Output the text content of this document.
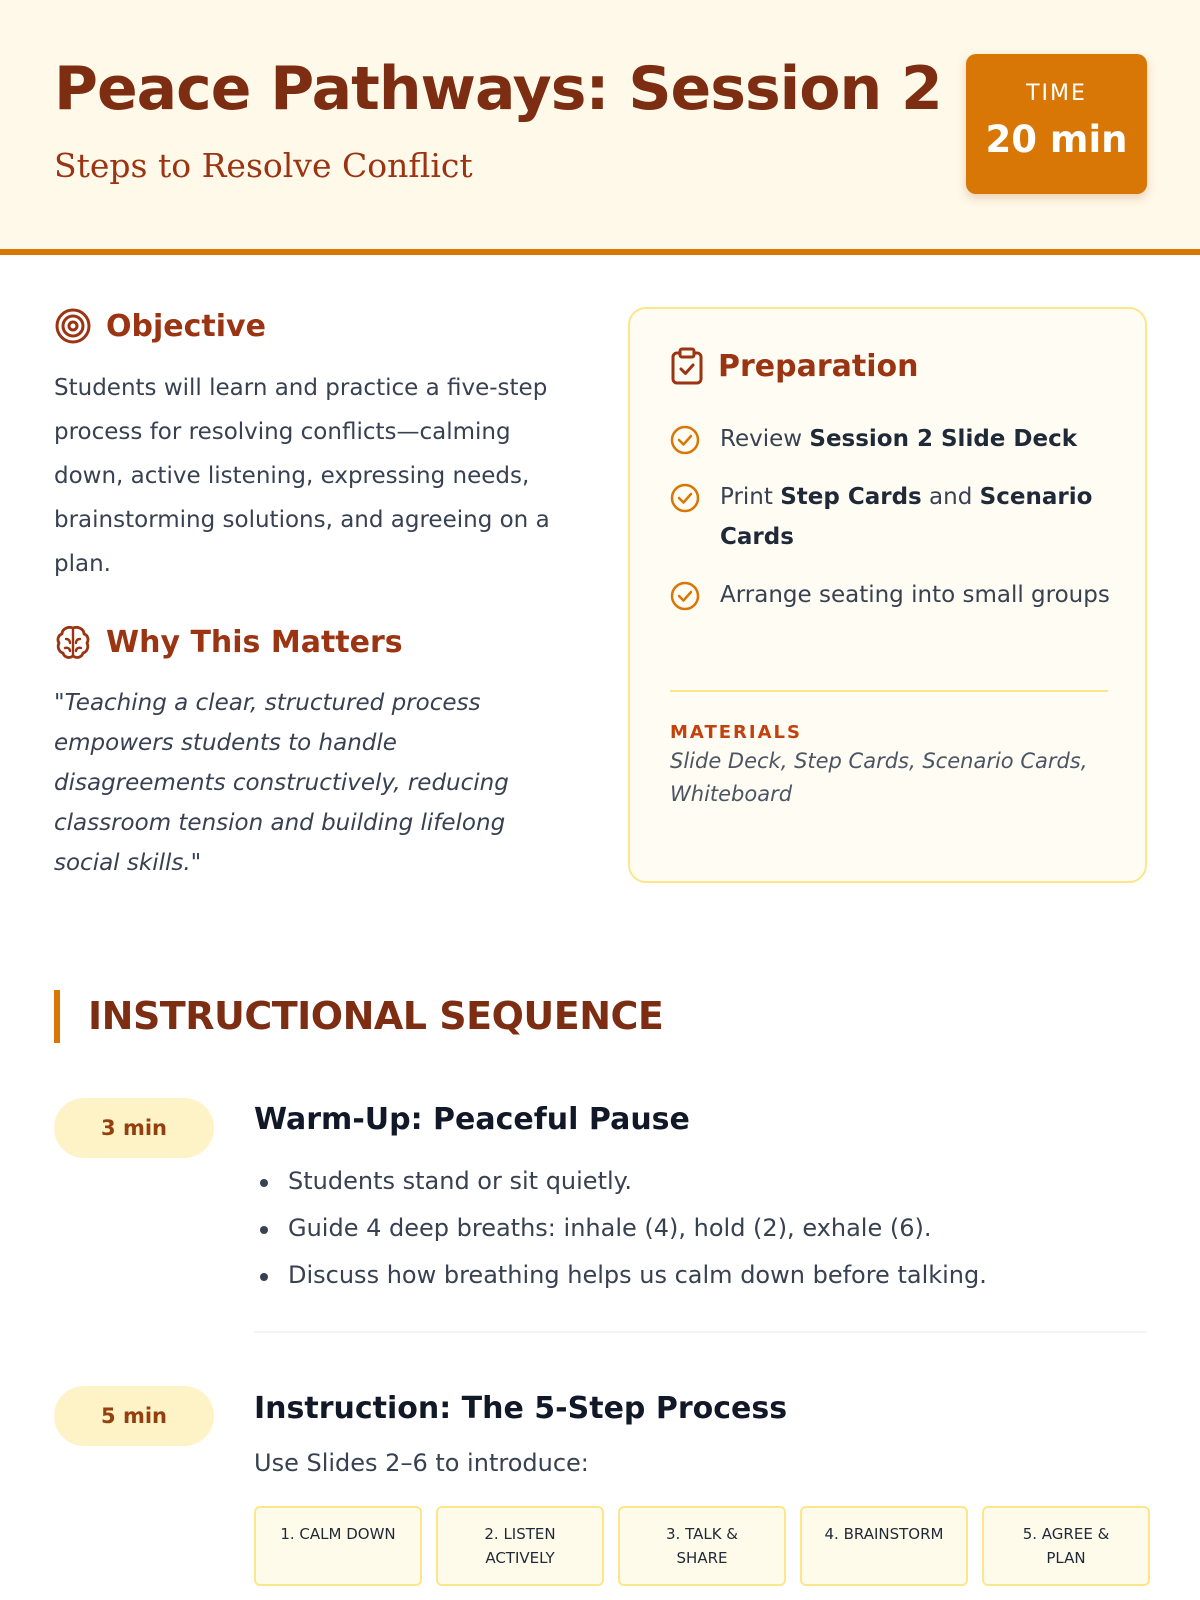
Peace Pathways: Session 2
Steps to Resolve Conflict
TIME
20 min
Objective
Students will learn and practice a five-step process for resolving conflicts—calming down, active listening, expressing needs, brainstorming solutions, and agreeing on a plan.
Why This Matters
"Teaching a clear, structured process empowers students to handle disagreements constructively, reducing classroom tension and building lifelong social skills."
Preparation
Review Session 2 Slide Deck
Print Step Cards and Scenario Cards
Arrange seating into small groups
MATERIALS
Slide Deck, Step Cards, Scenario Cards, Whiteboard
INSTRUCTIONAL SEQUENCE
3 min	Warm-Up: Peaceful Pause
Students stand or sit quietly.
Guide 4 deep breaths: inhale (4), hold (2), exhale (6).
Discuss how breathing helps us calm down before talking.
5 min	Instruction: The 5-Step Process
Use Slides 2–6 to introduce:
1. CALM DOWN	2. LISTEN ACTIVELY
3. TALK & SHARE
4. BRAINSTORM	5. AGREE & PLAN
